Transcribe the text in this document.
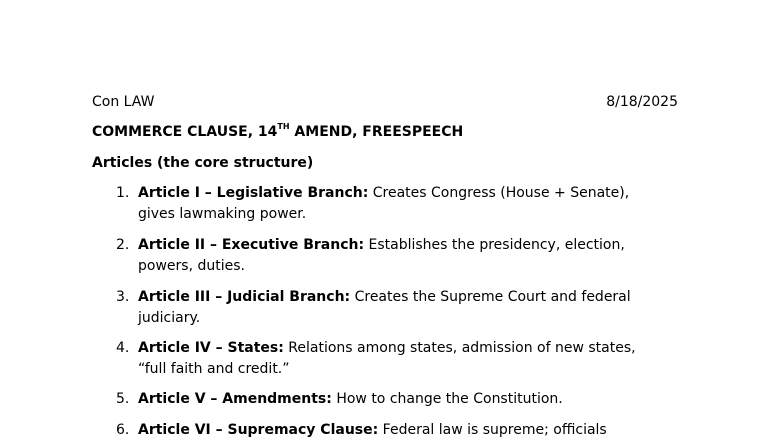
Con LAW	8/18/2025
COMMERCE CLAUSE, 14TH AMEND, FREESPEECH
Articles (the core structure)
1. Article I – Legislative Branch: Creates Congress (House + Senate),
gives lawmaking power.
2. Article II – Executive Branch: Establishes the presidency, election,
powers, duties.
3. Article III – Judicial Branch: Creates the Supreme Court and federal
judiciary.
4. Article IV – States: Relations among states, admission of new states,
“full faith and credit.”
5. Article V – Amendments: How to change the Constitution.
6. Article VI – Supremacy Clause: Federal law is supreme; officials
